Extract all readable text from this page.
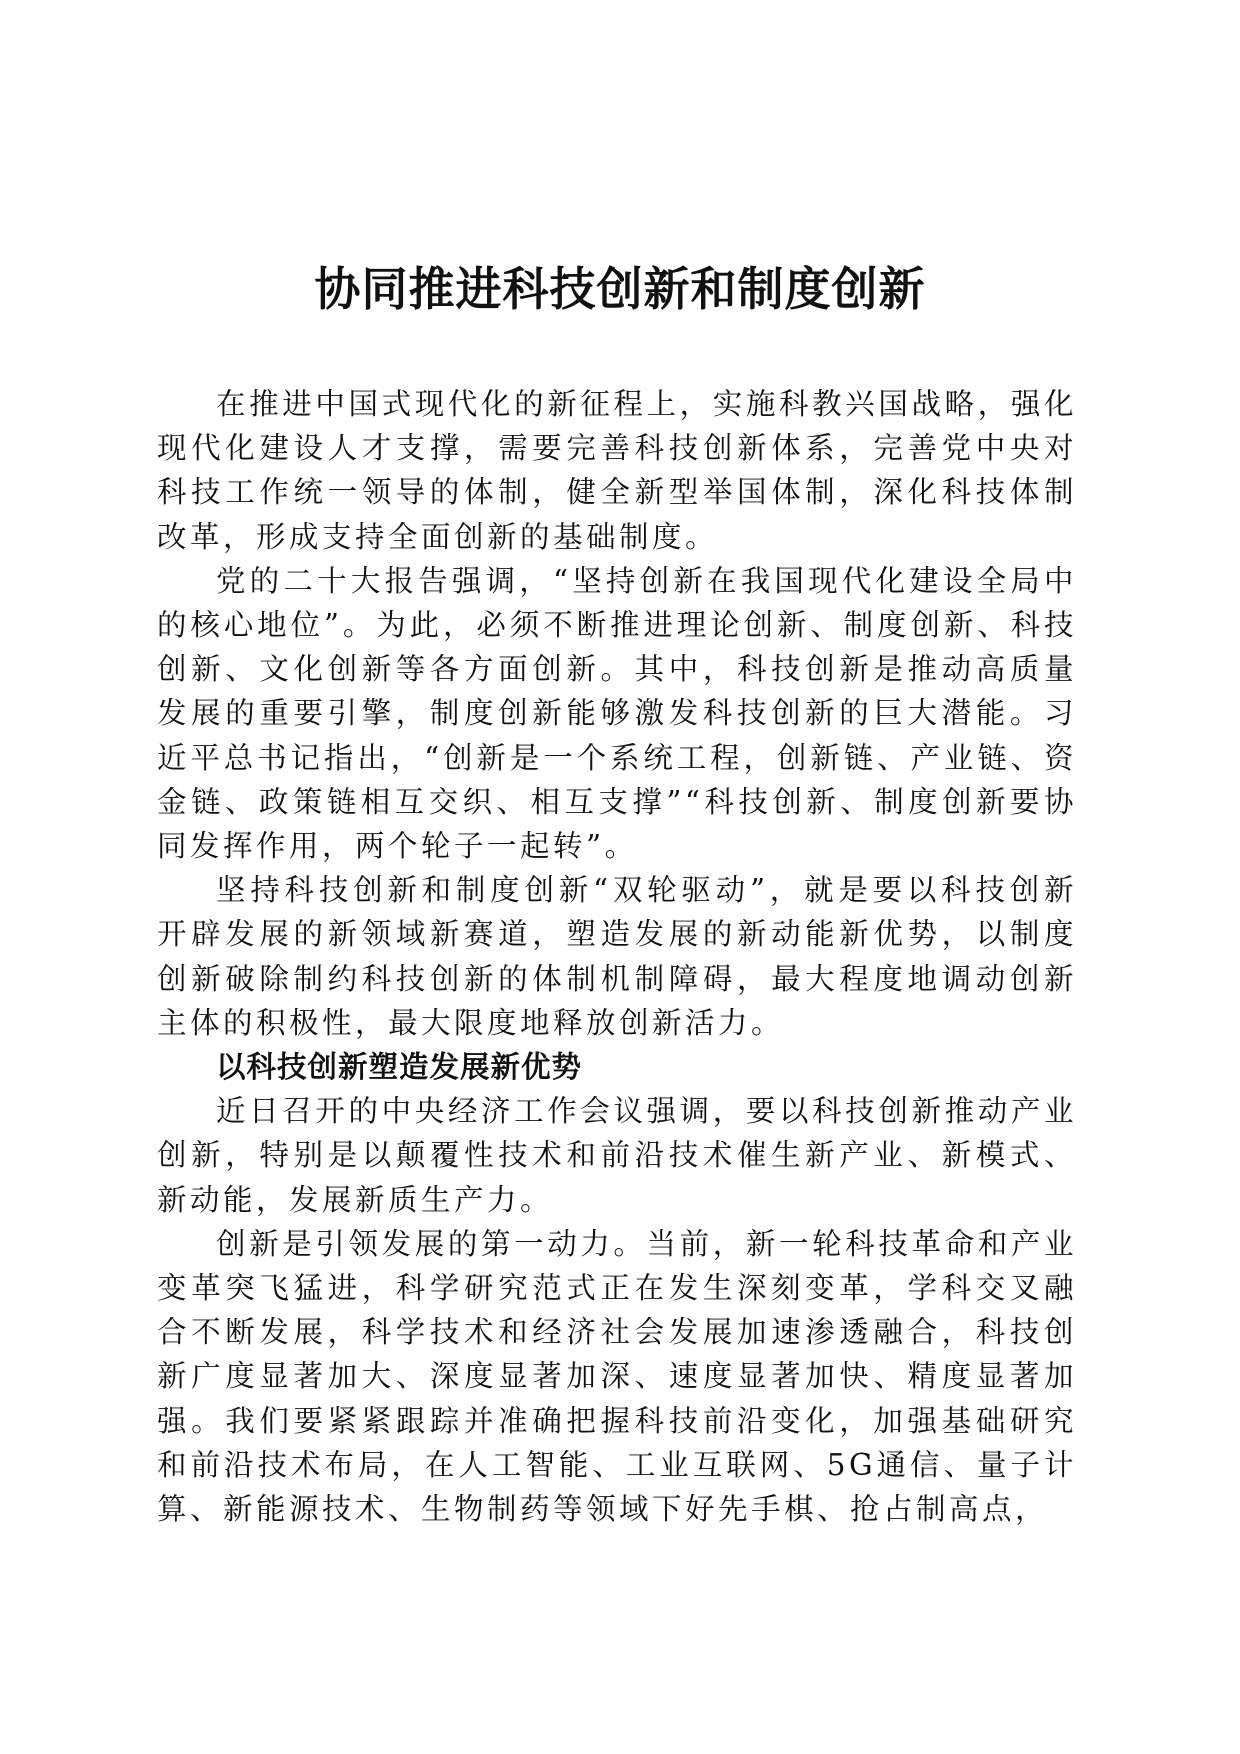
协同推进科技创新和制度创新

在推进中国式现代化的新征程上，实施科教兴国战略，强化现代化建设人才支撑，需要完善科技创新体系，完善党中央对科技工作统一领导的体制，健全新型举国体制，深化科技体制改革，形成支持全面创新的基础制度。

党的二十大报告强调，“坚持创新在我国现代化建设全局中的核心地位”。为此，必须不断推进理论创新、制度创新、科技创新、文化创新等各方面创新。其中，科技创新是推动高质量发展的重要引擎，制度创新能够激发科技创新的巨大潜能。习近平总书记指出，“创新是一个系统工程，创新链、产业链、资金链、政策链相互交织、相互支撑”“科技创新、制度创新要协同发挥作用，两个轮子一起转”。

坚持科技创新和制度创新“双轮驱动”，就是要以科技创新开辟发展的新领域新赛道，塑造发展的新动能新优势，以制度创新破除制约科技创新的体制机制障碍，最大程度地调动创新主体的积极性，最大限度地释放创新活力。

以科技创新塑造发展新优势

近日召开的中央经济工作会议强调，要以科技创新推动产业创新，特别是以颠覆性技术和前沿技术催生新产业、新模式、新动能，发展新质生产力。

创新是引领发展的第一动力。当前，新一轮科技革命和产业变革突飞猛进，科学研究范式正在发生深刻变革，学科交叉融合不断发展，科学技术和经济社会发展加速渗透融合，科技创新广度显著加大、深度显著加深、速度显著加快、精度显著加强。我们要紧紧跟踪并准确把握科技前沿变化，加强基础研究和前沿技术布局，在人工智能、工业互联网、5G通信、量子计算、新能源技术、生物制药等领域下好先手棋、抢占制高点，
